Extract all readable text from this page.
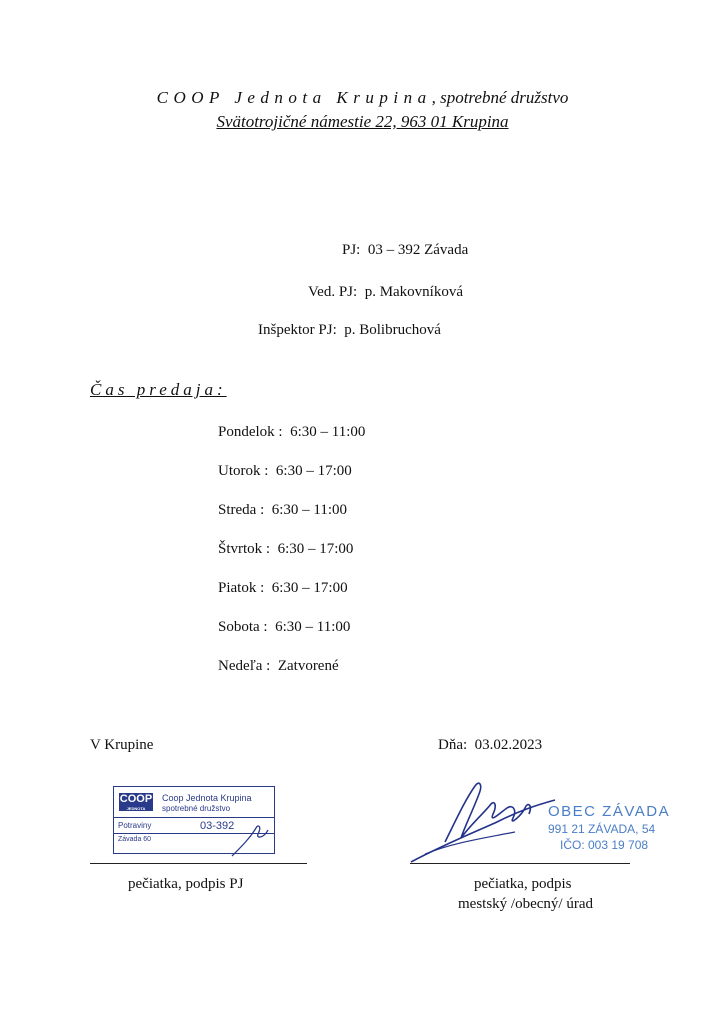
COOP Jednota Krupina, spotrebné družstvo
Svätotrojičné námestie 22, 963 01 Krupina
PJ: 03 – 392 Závada
Ved. PJ: p. Makovníková
Inšpektor PJ: p. Bolibruchová
Čas predaja:
Pondelok : 6:30 – 11:00
Utorok : 6:30 – 17:00
Streda : 6:30 – 11:00
Štvrtok : 6:30 – 17:00
Piatok : 6:30 – 17:00
Sobota : 6:30 – 11:00
Nedeľa : Zatvorené
V Krupine	Dňa: 03.02.2023
COOP
JEDNOTA
Coop Jednota Krupina
spotrebné družstvo
Potraviny	03-392
Závada 60
OBEC ZÁVADA
991 21 ZÁVADA, 54
IČO: 003 19 708
pečiatka, podpis PJ	pečiatka, podpis
mestský /obecný/ úrad
